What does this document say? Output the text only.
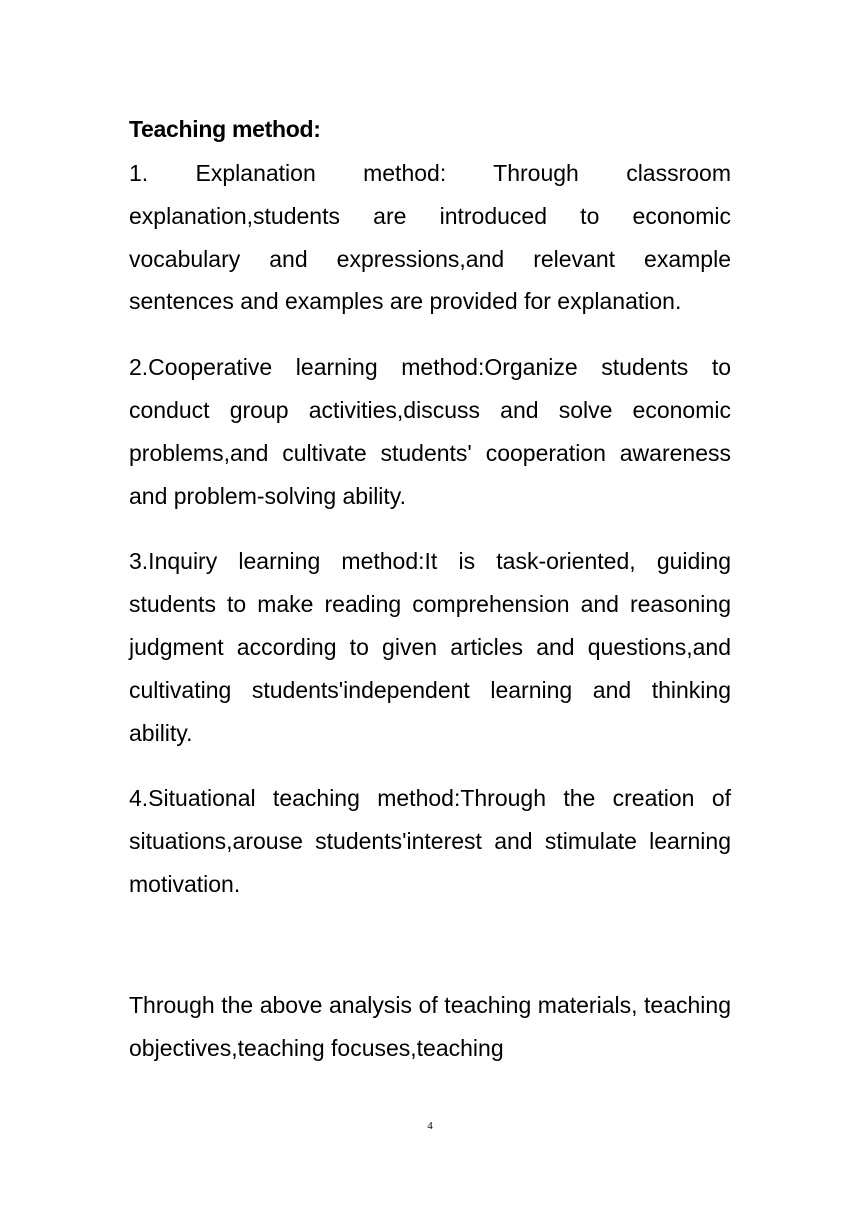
Teaching method:

1. Explanation method: Through classroom explanation,students are introduced to economic vocabulary and expressions,and relevant example sentences and examples are provided for explanation.

2.Cooperative learning method:Organize students to conduct group activities,discuss and solve economic problems,and cultivate students' cooperation awareness and problem-solving ability.

3.Inquiry learning method:It is task-oriented, guiding students to make reading comprehension and reasoning judgment according to given articles and questions,and cultivating students'independent learning and thinking ability.

4.Situational teaching method:Through the creation of situations,arouse students'interest and stimulate learning motivation.

Through the above analysis of teaching materials, teaching objectives,teaching focuses,teaching

4
